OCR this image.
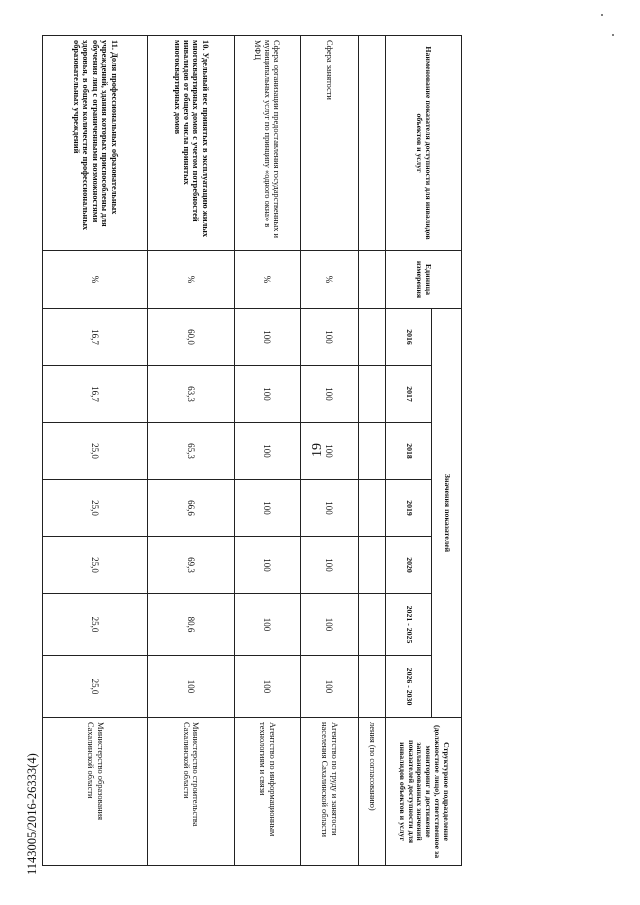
19
1143005/2016-26333(4)
Наименование показателя доступности для инвалидов объектов и услуг	Единица измерения	Значения показателей							Структурное подразделение (должностное лицо), ответственное за мониторинг и достижение запланированных значений показателей доступности для инвалидов объектов и услуг
		2016	2017	2018	2019	2020	2021 - 2025	2026 - 2030	
									ления (по согласованию)
Сфера занятости	%	100	100	100	100	100	100	100	Агентство по труду и занятости населения Сахалинской области
Сфера организации предоставления государственных и муниципальных услуг по принципу «одного окна» в МФЦ	%	100	100	100	100	100	100	100	Агентство по информационным технологиям и связи
10. Удельный вес принятых в эксплуатацию жилых многоквартирных домов с учетом потребностей инвалидов от общего числа принятых многоквартирных домов	%	60,0	63,3	65,3	66,6	69,3	80,6	100	Министерство строительства Сахалинской области
11. Доля профессиональных образовательных учреждений, здания которых приспособлены для обучения лиц с ограниченными возможностями здоровья, в общем количестве профессиональных образовательных учреждений	%	16,7	16,7	25,0	25,0	25,0	25,0	25,0	Министерство образования Сахалинской области
